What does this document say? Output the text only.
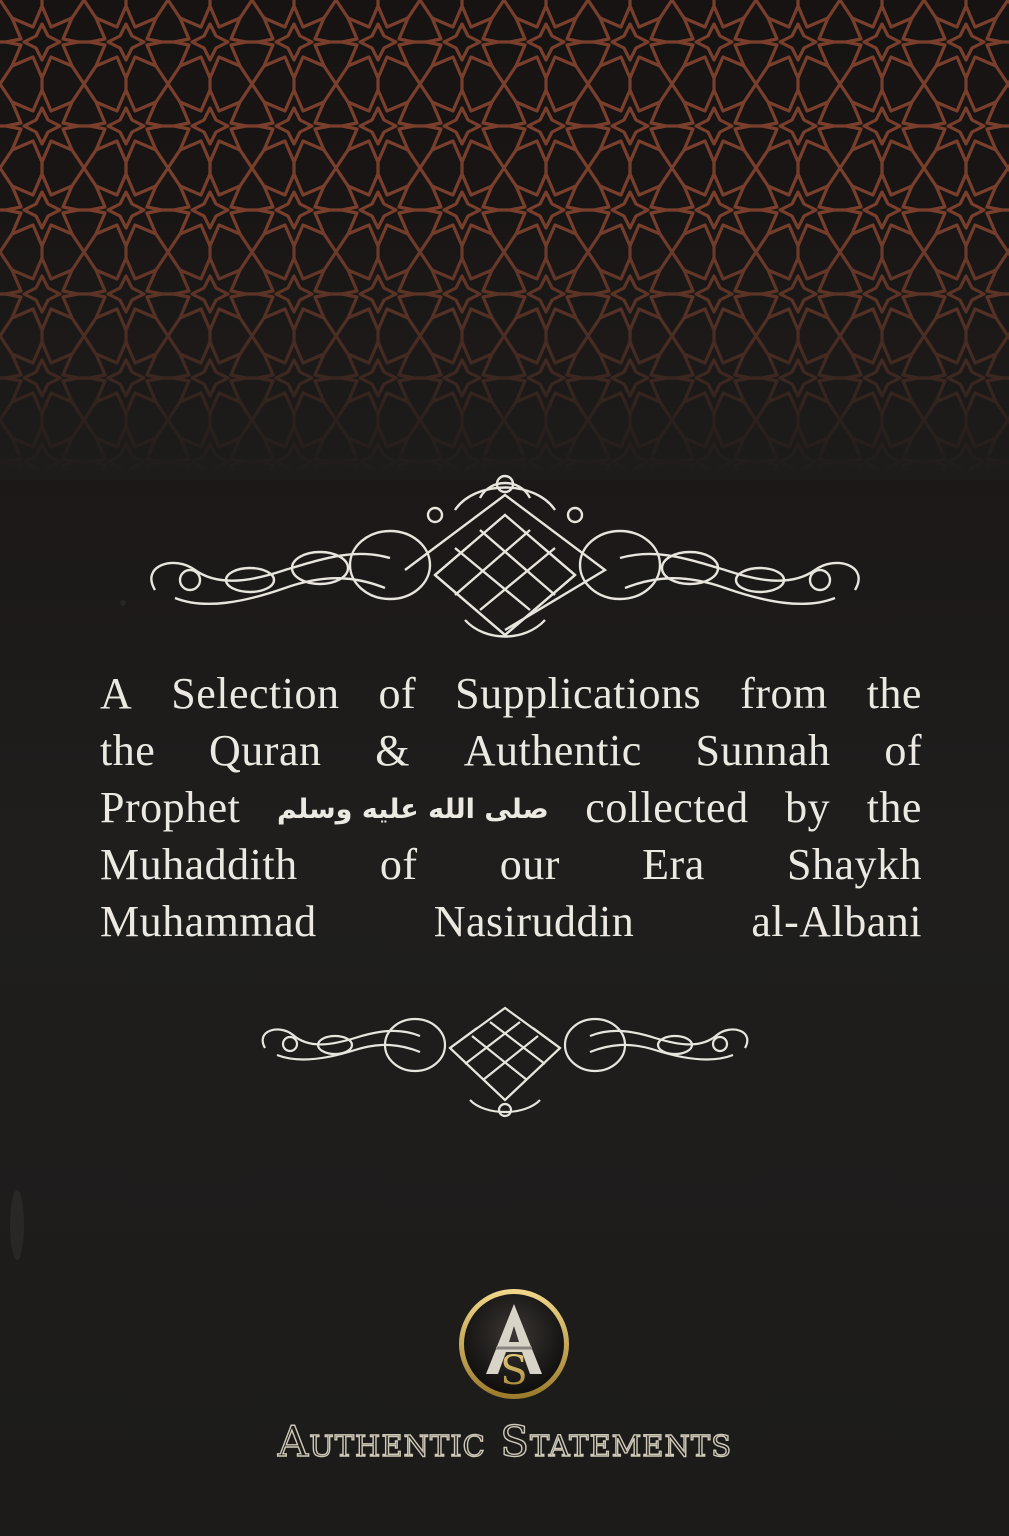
A Selection of Supplications from the
the Quran & Authentic Sunnah of
Prophet صلى الله عليه وسلم collected by the
Muhaddith of our Era Shaykh
Muhammad	Nasiruddin	al-Albani
S
Authentic Statements
